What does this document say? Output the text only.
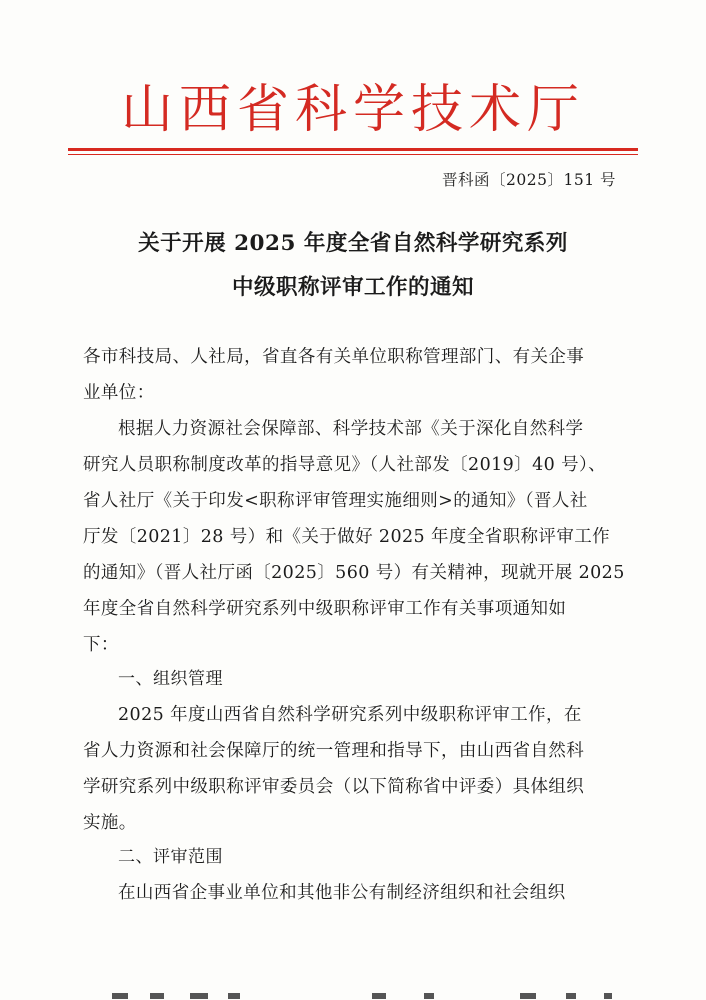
山西省科学技术厅
晋科函〔2025〕151 号
关于开展 2025 年度全省自然科学研究系列
中级职称评审工作的通知
各市科技局、人社局，省直各有关单位职称管理部门、有关企事
业单位：
根据人力资源社会保障部、科学技术部《关于深化自然科学
研究人员职称制度改革的指导意见》（人社部发〔2019〕40 号）、
省人社厅《关于印发<职称评审管理实施细则>的通知》（晋人社
厅发〔2021〕28 号）和《关于做好 2025 年度全省职称评审工作
的通知》（晋人社厅函〔2025〕560 号）有关精神，现就开展 2025
年度全省自然科学研究系列中级职称评审工作有关事项通知如
下：
一、组织管理
2025 年度山西省自然科学研究系列中级职称评审工作，在
省人力资源和社会保障厅的统一管理和指导下，由山西省自然科
学研究系列中级职称评审委员会（以下简称省中评委）具体组织
实施。
二、评审范围
在山西省企事业单位和其他非公有制经济组织和社会组织
